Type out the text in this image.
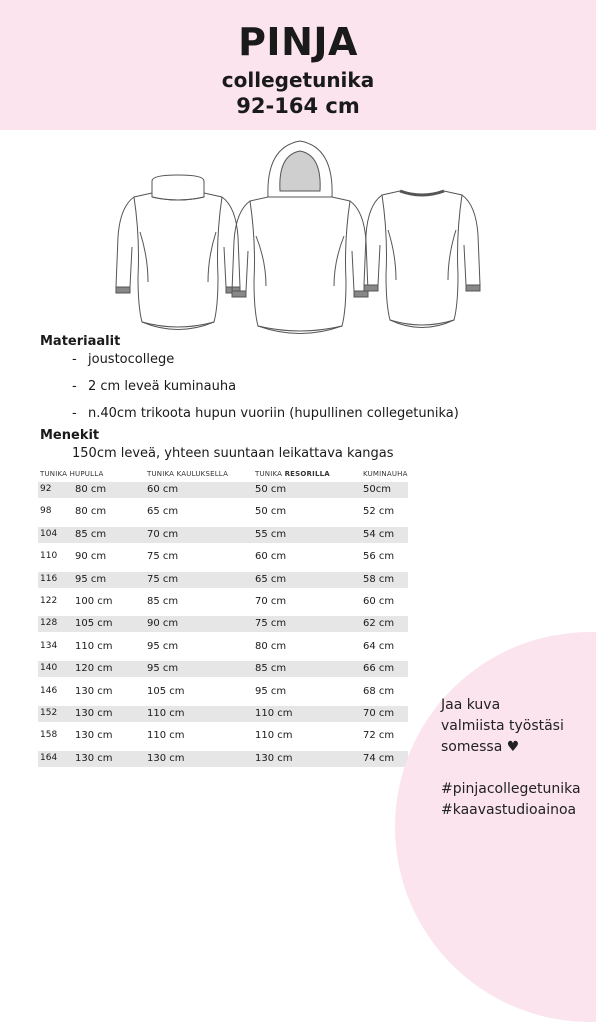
PINJA
collegetunika
92-164 cm
Materiaalit
- joustocollege
- 2 cm leveä kuminauha
- n.40cm trikoota hupun vuoriin (hupullinen collegetunika)
Menekit
150cm leveä, yhteen suuntaan leikattava kangas
TUNIKA HUPULLA	TUNIKA KAULUKSELLA	TUNIKA RESORILLA	KUMINAUHA
92 80 cm	60 cm	50 cm	50cm
98 80 cm	65 cm	50 cm	52 cm
104 85 cm	70 cm	55 cm	54 cm
110 90 cm	75 cm	60 cm	56 cm
116 95 cm	75 cm	65 cm	58 cm
122 100 cm	85 cm	70 cm	60 cm
128 105 cm	90 cm	75 cm	62 cm
134 110 cm	95 cm	80 cm	64 cm
140 120 cm	95 cm	85 cm	66 cm
146 130 cm	105 cm	95 cm	68 cm
152 130 cm	110 cm	110 cm	70 cm
158 130 cm	110 cm	110 cm	72 cm
164 130 cm	130 cm	130 cm	74 cm
Jaa kuva
valmiista työstäsi
somessa ♥
#pinjacollegetunika
#kaavastudioainoa
